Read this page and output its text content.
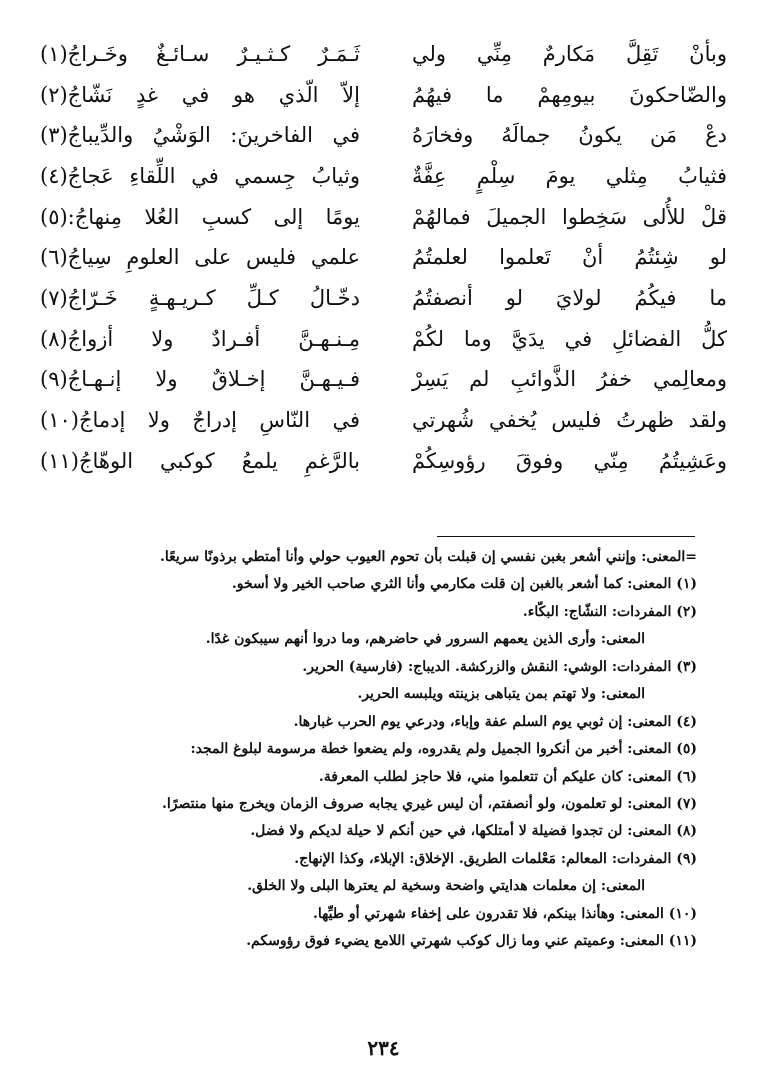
وبأنْ تَقِلَّ مَكارمٌ مِنِّي ولي
ثَـمَـرٌ كـثـيـرٌ سـائـغٌ وخَـراجُ(١)
والضّاحكونَ بيومِهمْ ما فيهُمُ
إلاّ الّذي هو في غدٍ نَشّاجُ(٢)
دعْ مَن يكونُ جمالَهُ وفخارَهُ
في الفاخرينَ: الوَشْيُ والدِّيباجُ(٣)
فثيابُ مِثلي يومَ سِلْمٍ عِفَّةٌ
وثيابُ جِسمي في اللِّقاءِ عَجاجُ(٤)
قلْ للأُلى سَخِطوا الجميلَ فمالهُمْ
يومًا إلى كسبِ العُلا مِنهاجُ:(٥)
لو شِئتُمُ أنْ تَعلموا لعلمتُمُ
علمي فليس على العلومِ سِياجُ(٦)
ما فيكُمُ لولايَ لو أنصفتُمُ
دخّـالُ كـلِّ كـريـهـةٍ خَـرّاجُ(٧)
كلُّ الفضائلِ في يدَيَّ وما لكُمْ
مِـنـهـنَّ أفـرادٌ ولا أزواجُ(٨)
ومعالِمي خفرُ الذَّوائبِ لم يَسِرْ
فـيـهـنَّ إخـلاقٌ ولا إنـهـاجُ(٩)
ولقد ظهرتُ فليس يُخفي شُهرتي
في النّاسِ إدراجٌ ولا إدماجُ(١٠)
وعَشِيتُمُ مِنّي وفوقَ رؤوسِكُمْ
بالرَّغمِ يلمعُ كوكبي الوهّاجُ(١١)
=المعنى: وإنني أشعر بغبن نفسي إن قبلت بأن تحوم العيوب حولي وأنا أمتطي برذونًا سريعًا.
(١) المعنى: كما أشعر بالغبن إن قلت مكارمي وأنا الثري صاحب الخير ولا أسخو.
(٢) المفردات: النشّاج: البكّاء.
المعنى: وأرى الذين يعمهم السرور في حاضرهم، وما دروا أنهم سيبكون غدًا.
(٣) المفردات: الوشي: النقش والزركشة. الديباج: (فارسية) الحرير.
المعنى: ولا تهتم بمن يتباهى بزينته ويلبسه الحرير.
(٤) المعنى: إن ثوبي يوم السلم عفة وإباء، ودرعي يوم الحرب غبارها.
(٥) المعنى: أخبر من أنكروا الجميل ولم يقدروه، ولم يضعوا خطة مرسومة لبلوغ المجد:
(٦) المعنى: كان عليكم أن تتعلموا مني، فلا حاجز لطلب المعرفة.
(٧) المعنى: لو تعلمون، ولو أنصفتم، أن ليس غيري يجابه صروف الزمان ويخرج منها منتصرًا.
(٨) المعنى: لن تجدوا فضيلة لا أمتلكها، في حين أنكم لا حيلة لديكم ولا فضل.
(٩) المفردات: المعالم: مَعْلمات الطريق. الإخلاق: الإبلاء، وكذا الإنهاج.
المعنى: إن معلمات هدايتي واضحة وسخية لم يعترها البلى ولا الخلق.
(١٠) المعنى: وهأنذا بينكم، فلا تقدرون على إخفاء شهرتي أو طيِّها.
(١١) المعنى: وعميتم عني وما زال كوكب شهرتي اللامع يضيء فوق رؤوسكم.
٢٣٤
